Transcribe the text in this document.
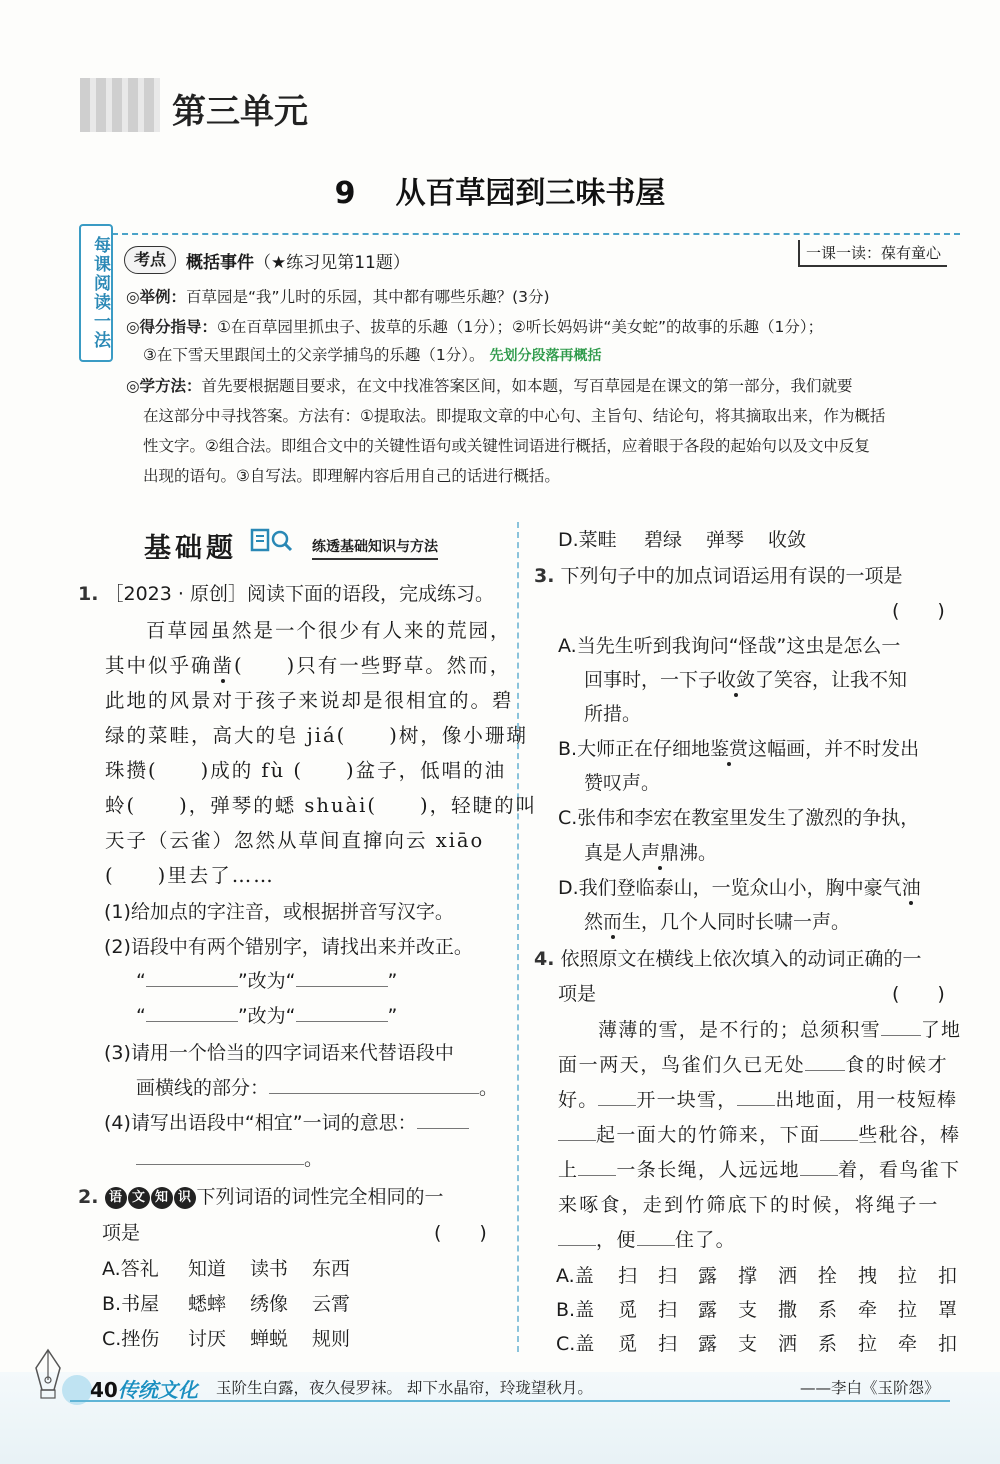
第三单元
9 从百草园到三味书屋
每课阅读一法	考点	概括事件（★练习见第11题）	一课一读：葆有童心
◎举例：百草园是“我”儿时的乐园，其中都有哪些乐趣？(3分)
◎得分指导：①在百草园里抓虫子、拔草的乐趣（1分）；②听长妈妈讲“美女蛇”的故事的乐趣（1分）；
③在下雪天里跟闰土的父亲学捕鸟的乐趣（1分）。 先划分段落再概括
◎学方法：首先要根据题目要求，在文中找准答案区间，如本题，写百草园是在课文的第一部分，我们就要
在这部分中寻找答案。方法有：①提取法。即提取文章的中心句、主旨句、结论句，将其摘取出来，作为概括
性文字。②组合法。即组合文中的关键性语句或关键性词语进行概括，应着眼于各段的起始句以及文中反复
出现的语句。③自写法。即理解内容后用自己的话进行概括。
基础题	练透基础知识与方法
1. ［2023 · 原创］阅读下面的语段，完成练习。
百草园虽然是一个很少有人来的荒园，
其中似乎确凿(　　)只有一些野草。然而，
此地的风景对于孩子来说却是很相宜的。碧
绿的菜畦，高大的皂 jiá(　　)树，像小珊瑚
珠攒(　　)成的 fù (　　)盆子，低唱的油
蛉(　　)，弹琴的蟋 shuài(　　)，轻睫的叫
天子（云雀）忽然从草间直撺向云 xiāo
(　　)里去了……
(1)给加点的字注音，或根据拼音写汉字。
(2)语段中有两个错别字，请找出来并改正。
“	”改为“	”
“	”改为“	”
(3)请用一个恰当的四字词语来代替语段中
画横线的部分：	。
(4)请写出语段中“相宜”一词的意思：
。
2. 语 文 知 识 下列词语的词性完全相同的一
项是	(　　)
A.答礼 知道 读书 东西
B.书屋 蟋蟀 绣像 云霄
C.挫伤 讨厌 蝉蜕 规则
D.菜畦 碧绿 弹琴 收敛
3. 下列句子中的加点词语运用有误的一项是
(　　)
A.当先生听到我询问“怪哉”这虫是怎么一
回事时，一下子收敛了笑容，让我不知
所措。
B.大师正在仔细地鉴赏这幅画，并不时发出
赞叹声。
C.张伟和李宏在教室里发生了激烈的争执，
真是人声鼎沸。
D.我们登临泰山，一览众山小，胸中豪气油
然而生，几个人同时长啸一声。
4. 依照原文在横线上依次填入的动词正确的一
项是	(　　)
薄薄的雪，是不行的；总须积雪 了地
面一两天，鸟雀们久已无处 食的时候才
好。 开一块雪， 出地面，用一枝短棒
起一面大的竹筛来，下面 些秕谷，棒
上 一条长绳，人远远地 着，看鸟雀下
来啄食，走到竹筛底下的时候，将绳子一
，便 住了。
A.盖 扫 扫 露 撑 洒 拴 拽 拉 扣
B.盖 觅 扫 露 支 撒 系 牵 拉 罩
C.盖 觅 扫 露 支 洒 系 拉 牵 扣
40传统文化 玉阶生白露，夜久侵罗袜。 却下水晶帘，玲珑望秋月。	——李白《玉阶怨》
